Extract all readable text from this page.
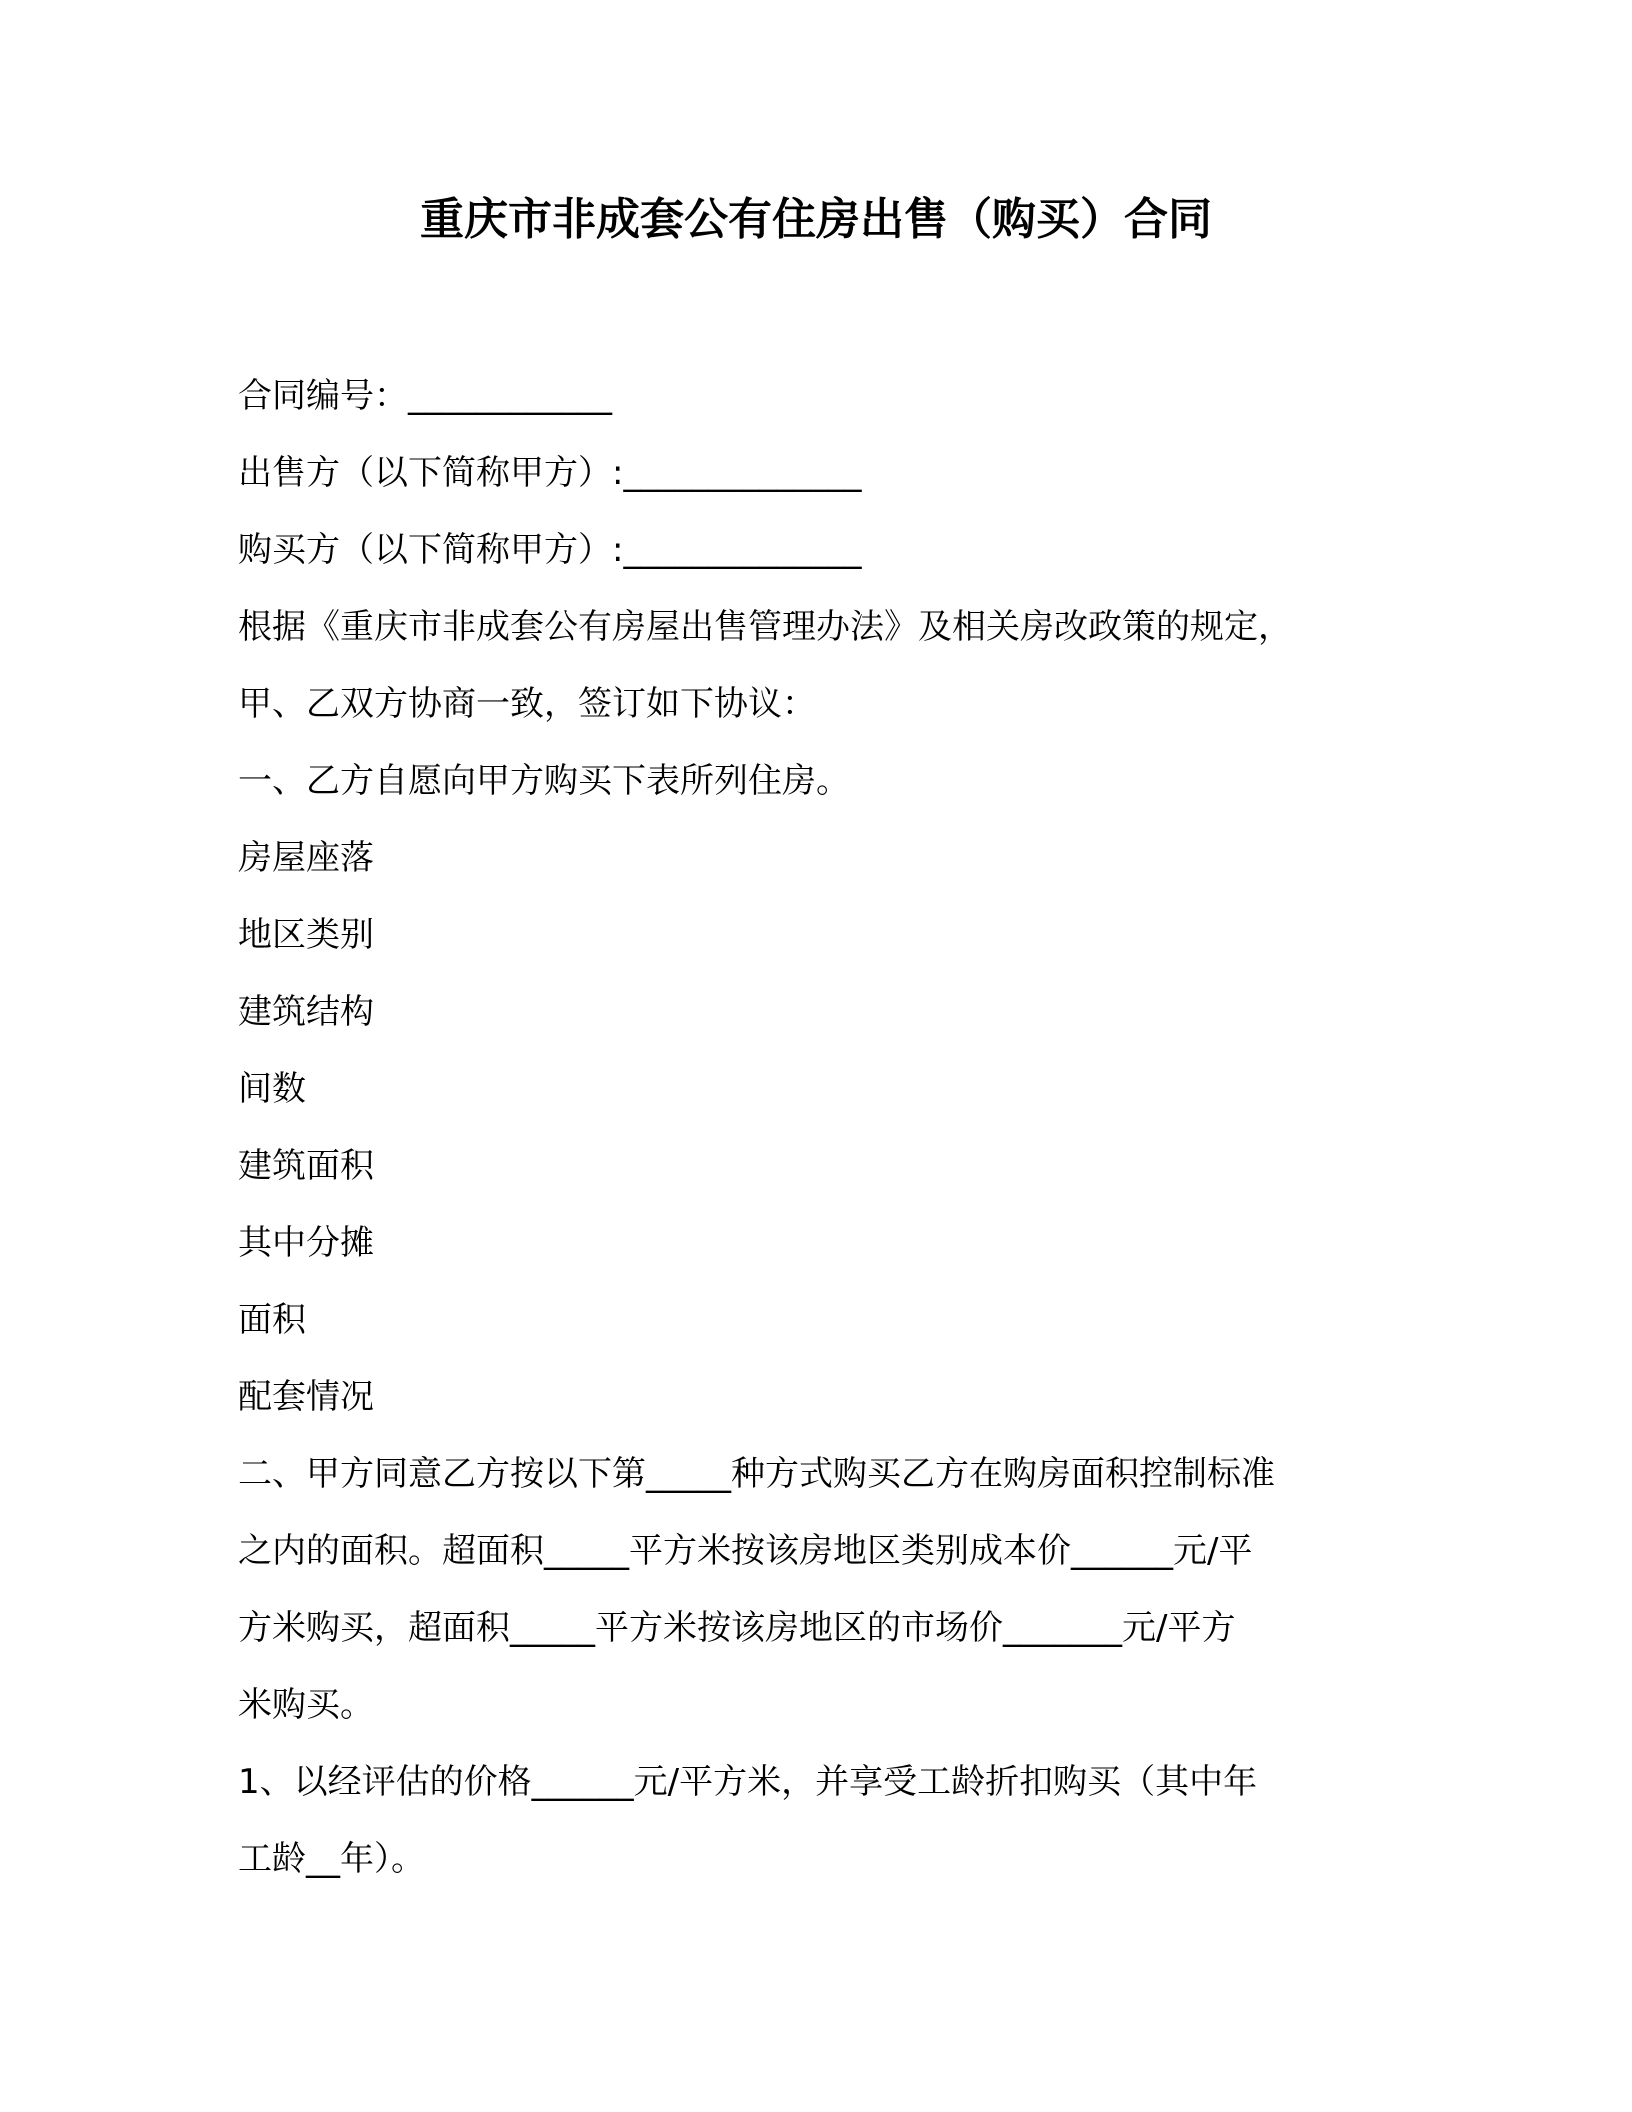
重庆市非成套公有住房出售（购买）合同
合同编号：____________
出售方（以下简称甲方）:______________
购买方（以下简称甲方）:______________
根据《重庆市非成套公有房屋出售管理办法》及相关房改政策的规定，
甲、乙双方协商一致，签订如下协议：
一、乙方自愿向甲方购买下表所列住房。
房屋座落
地区类别
建筑结构
间数
建筑面积
其中分摊
面积
配套情况
二、甲方同意乙方按以下第_____种方式购买乙方在购房面积控制标准
之内的面积。超面积_____平方米按该房地区类别成本价______元/平
方米购买，超面积_____平方米按该房地区的市场价_______元/平方
米购买。
1、以经评估的价格______元/平方米，并享受工龄折扣购买（其中年
工龄__年）。
